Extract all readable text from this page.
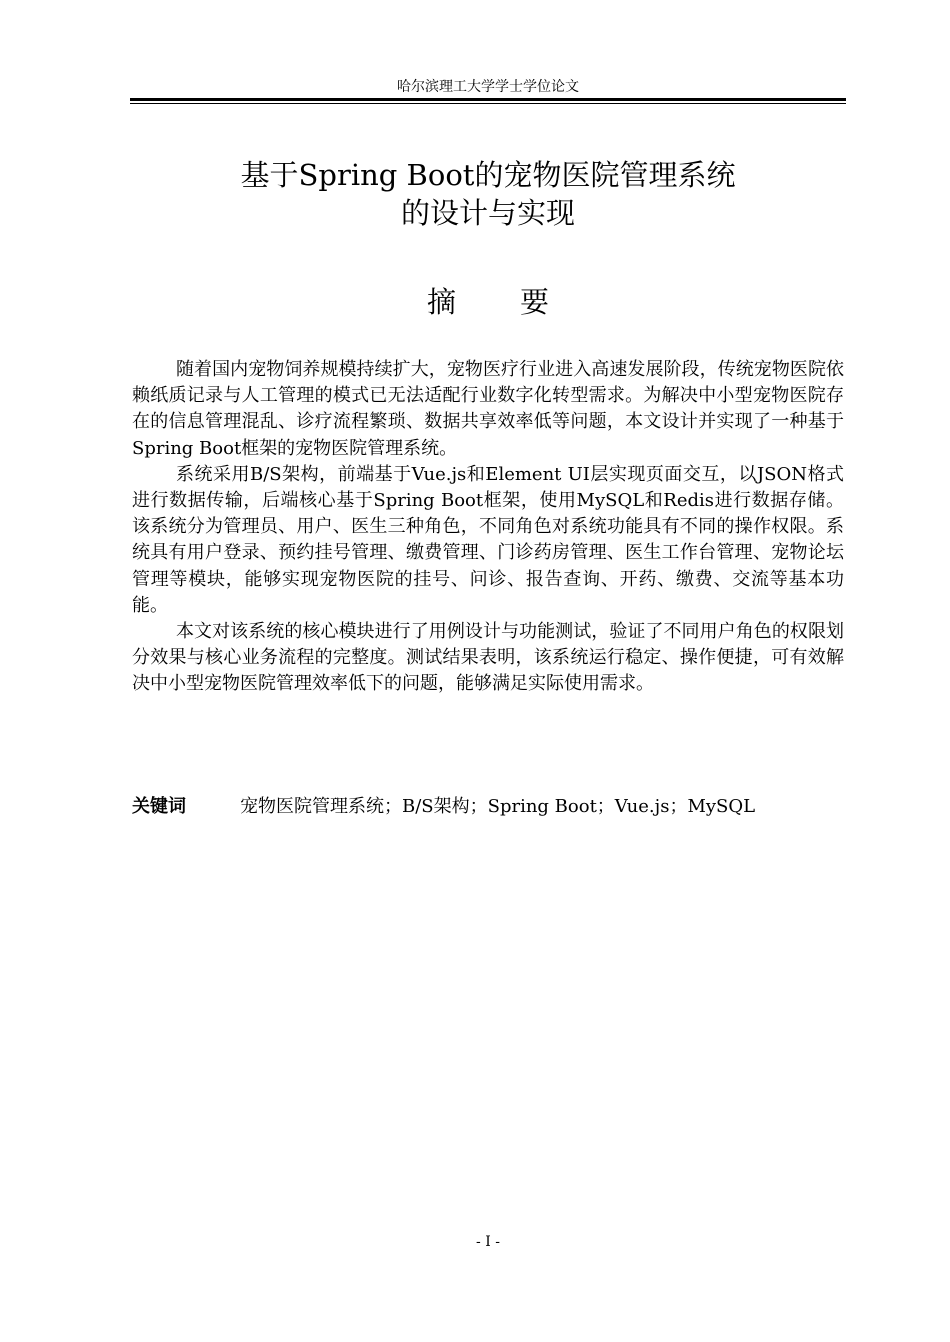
哈尔滨理工大学学士学位论文
基于Spring Boot的宠物医院管理系统
的设计与实现
摘要

随着国内宠物饲养规模持续扩大，宠物医疗行业进入高速发展阶段，传统宠物医院依赖纸质记录与人工管理的模式已无法适配行业数字化转型需求。为解决中小型宠物医院存在的信息管理混乱、诊疗流程繁琐、数据共享效率低等问题，本文设计并实现了一种基于Spring Boot框架的宠物医院管理系统。

系统采用B/S架构，前端基于Vue.js和Element UI层实现页面交互，以JSON格式进行数据传输，后端核心基于Spring Boot框架，使用MySQL和Redis进行数据存储。该系统分为管理员、用户、医生三种角色，不同角色对系统功能具有不同的操作权限。系统具有用户登录、预约挂号管理、缴费管理、门诊药房管理、医生工作台管理、宠物论坛管理等模块，能够实现宠物医院的挂号、问诊、报告查询、开药、缴费、交流等基本功能。

本文对该系统的核心模块进行了用例设计与功能测试，验证了不同用户角色的权限划分效果与核心业务流程的完整度。测试结果表明，该系统运行稳定、操作便捷，可有效解决中小型宠物医院管理效率低下的问题，能够满足实际使用需求。

关键词	宠物医院管理系统；B/S架构；Spring Boot；Vue.js；MySQL
- I -
